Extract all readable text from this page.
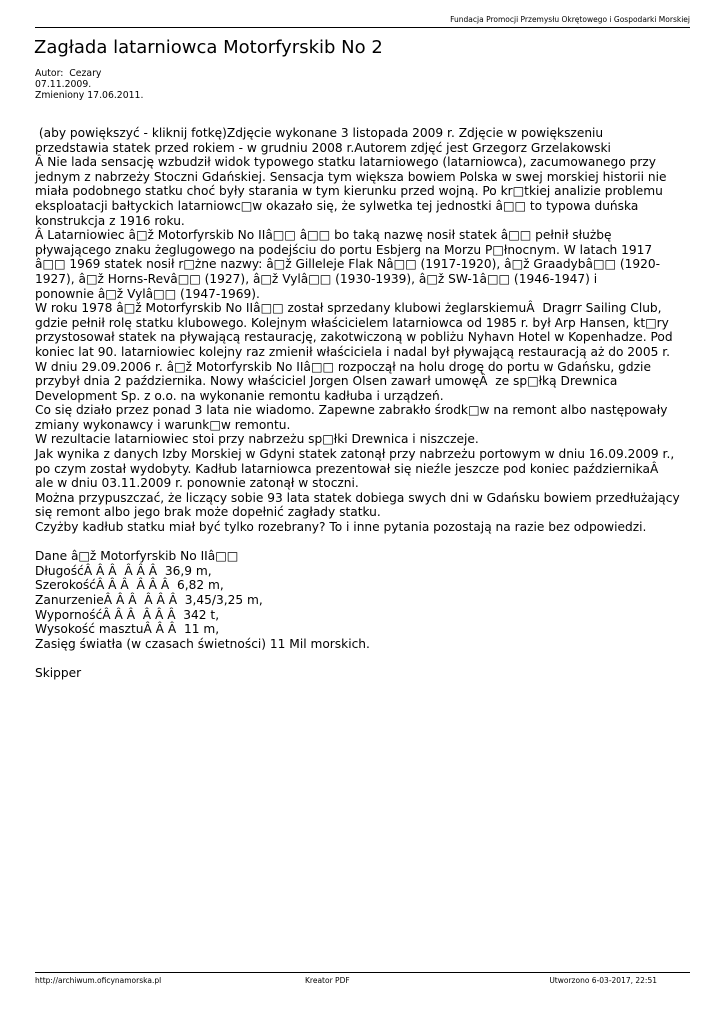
Fundacja Promocji Przemysłu Okrętowego i Gospodarki Morskiej
Zagłada latarniowca Motorfyrskib No 2
Autor:  Cezary
07.11.2009.
Zmieniony 17.06.2011.

(aby powiększyć - kliknij fotkę)Zdjęcie wykonane 3 listopada 2009 r. Zdjęcie w powiększeniu

przedstawia statek przed rokiem - w grudniu 2008 r.Autorem zdjęć jest Grzegorz Grzelakowski

Â Nie lada sensację wzbudził widok typowego statku latarniowego (latarniowca), zacumowanego przy

jednym z nabrzeży Stoczni Gdańskiej. Sensacja tym większa bowiem Polska w swej morskiej historii nie

miała podobnego statku choć były starania w tym kierunku przed wojną. Po kr□tkiej analizie problemu

eksploatacji bałtyckich latarniowc□w okazało się, że sylwetka tej jednostki â□□ to typowa duńska

konstrukcja z 1916 roku.

Â Latarniowiec â□ž Motorfyrskib No IIâ□□ â□□ bo taką nazwę nosił statek â□□ pełnił służbę

pływającego znaku żeglugowego na podejściu do portu Esbjerg na Morzu P□łnocnym. W latach 1917

â□□ 1969 statek nosił r□żne nazwy: â□ž Gilleleje Flak Nâ□□ (1917-1920), â□ž Graadybâ□□ (1920-

1927), â□ž Horns-Revâ□□ (1927), â□ž Vylâ□□ (1930-1939), â□ž SW-1â□□ (1946-1947) i

ponownie â□ž Vylâ□□ (1947-1969).

W roku 1978 â□ž Motorfyrskib No IIâ□□ został sprzedany klubowi żeglarskiemuÂ  Dragrr Sailing Club,

gdzie pełnił rolę statku klubowego. Kolejnym właścicielem latarniowca od 1985 r. był Arp Hansen, kt□ry

przystosował statek na pływającą restaurację, zakotwiczoną w pobliżu Nyhavn Hotel w Kopenhadze. Pod

koniec lat 90. latarniowiec kolejny raz zmienił właściciela i nadal był pływającą restauracją aż do 2005 r.

W dniu 29.09.2006 r. â□ž Motorfyrskib No IIâ□□ rozpoczął na holu drogę do portu w Gdańsku, gdzie

przybył dnia 2 października. Nowy właściciel Jorgen Olsen zawarł umowęÂ  ze sp□łką Drewnica

Development Sp. z o.o. na wykonanie remontu kadłuba i urządzeń.

Co się działo przez ponad 3 lata nie wiadomo. Zapewne zabrakło środk□w na remont albo następowały

zmiany wykonawcy i warunk□w remontu.

W rezultacie latarniowiec stoi przy nabrzeżu sp□łki Drewnica i niszczeje.

Jak wynika z danych Izby Morskiej w Gdyni statek zatonął przy nabrzeżu portowym w dniu 16.09.2009 r.,

po czym został wydobyty. Kadłub latarniowca prezentował się nieźle jeszcze pod koniec październikaÂ

ale w dniu 03.11.2009 r. ponownie zatonął w stoczni.

Można przypuszczać, że liczący sobie 93 lata statek dobiega swych dni w Gdańsku bowiem przedłużający

się remont albo jego brak może dopełnić zagłady statku.

Czyżby kadłub statku miał być tylko rozebrany? To i inne pytania pozostają na razie bez odpowiedzi.

Dane â□ž Motorfyrskib No IIâ□□

DługośćÂ Â Â  Â Â Â  36,9 m,

SzerokośćÂ Â Â  Â Â Â  6,82 m,

ZanurzenieÂ Â Â  Â Â Â  3,45/3,25 m,

WypornośćÂ Â Â  Â Â Â  342 t,

Wysokość masztuÂ Â Â  11 m,

Zasięg światła (w czasach świetności) 11 Mil morskich.

Skipper

http://archiwum.oficynamorska.pl	Kreator PDF	Utworzono 6-03-2017, 22:51
